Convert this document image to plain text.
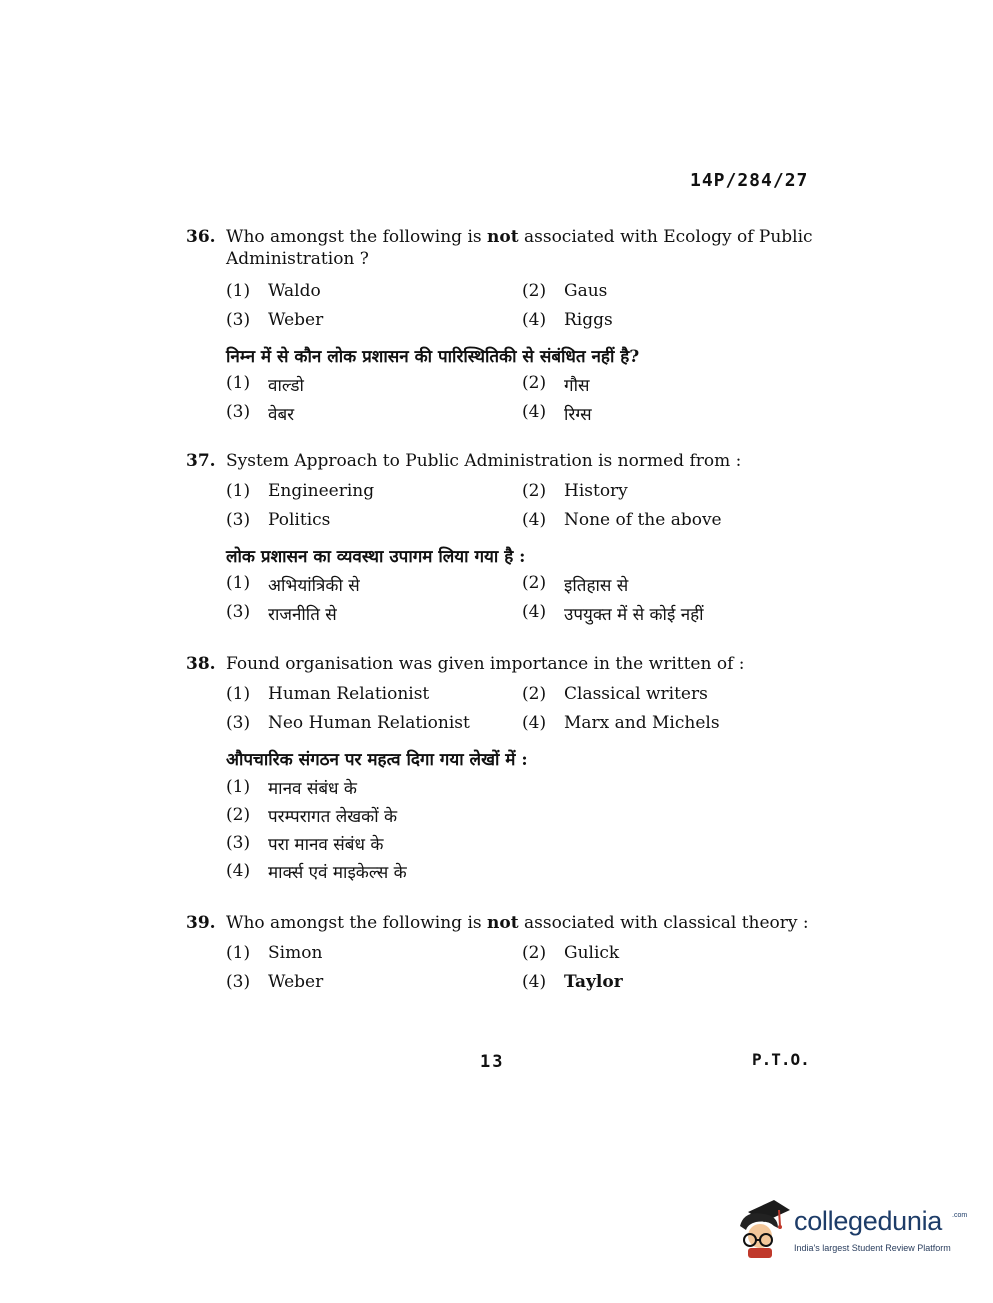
14P/284/27
36. Who amongst the following is not associated with Ecology of Public Administration ?
(1)	Waldo	(2)	Gaus
(3)	Weber	(4)	Riggs
निम्न में से कौन लोक प्रशासन की पारिस्थितिकी से संबंधित नहीं है?
(1)	वाल्डो	(2)	गौस
(3)	वेबर	(4)	रिग्स
37. System Approach to Public Administration is normed from :
(1)	Engineering	(2)	History
(3)	Politics	(4)	None of the above
लोक प्रशासन का व्यवस्था उपागम लिया गया है :
(1)	अभियांत्रिकी से	(2)	इतिहास से
(3)	राजनीति से	(4)	उपयुक्त में से कोई नहीं
38. Found organisation was given importance in the written of :
(1)	Human Relationist	(2)	Classical writers
(3)	Neo Human Relationist	(4)	Marx and Michels
औपचारिक संगठन पर महत्व दिगा गया लेखों में :
(1)	मानव संबंध के
(2)	परम्परागत लेखकों के
(3)	परा मानव संबंध के
(4)	मार्क्स एवं माइकेल्स के
39. Who amongst the following is not associated with classical theory :
(1)	Simon	(2)	Gulick
(3)	Weber	(4)	Taylor
13	P.T.O.
collegedunia .com
India's largest Student Review Platform
